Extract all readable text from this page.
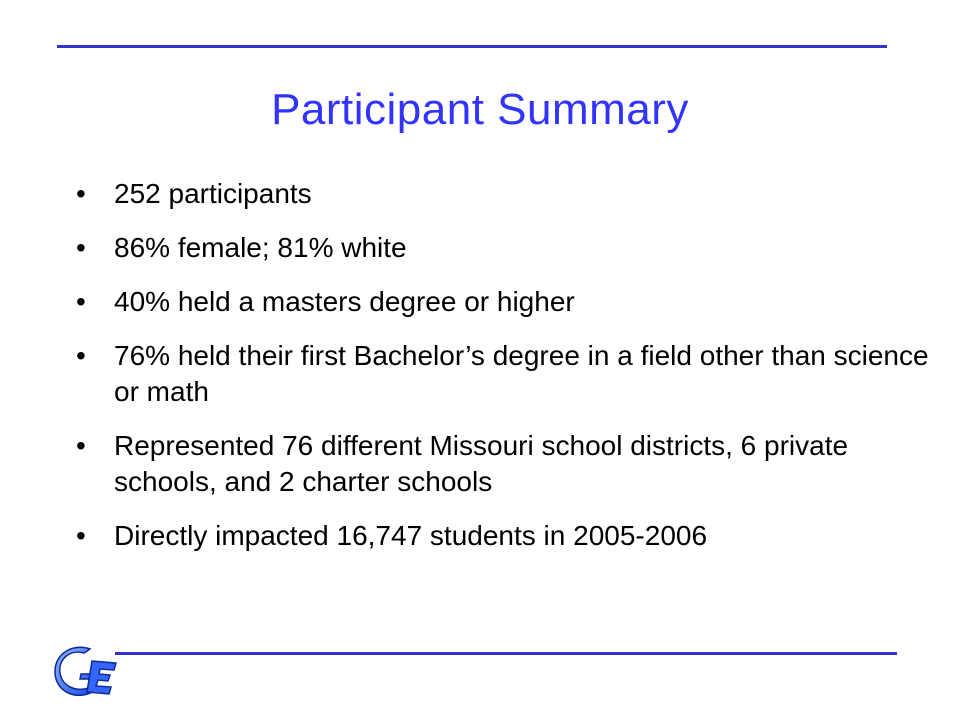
Participant Summary
• 252 participants
• 86% female; 81% white
• 40% held a masters degree or higher
• 76% held their first Bachelor’s degree in a field other than science or math
• Represented 76 different Missouri school districts, 6 private schools, and 2 charter schools
• Directly impacted 16,747 students in 2005-2006
